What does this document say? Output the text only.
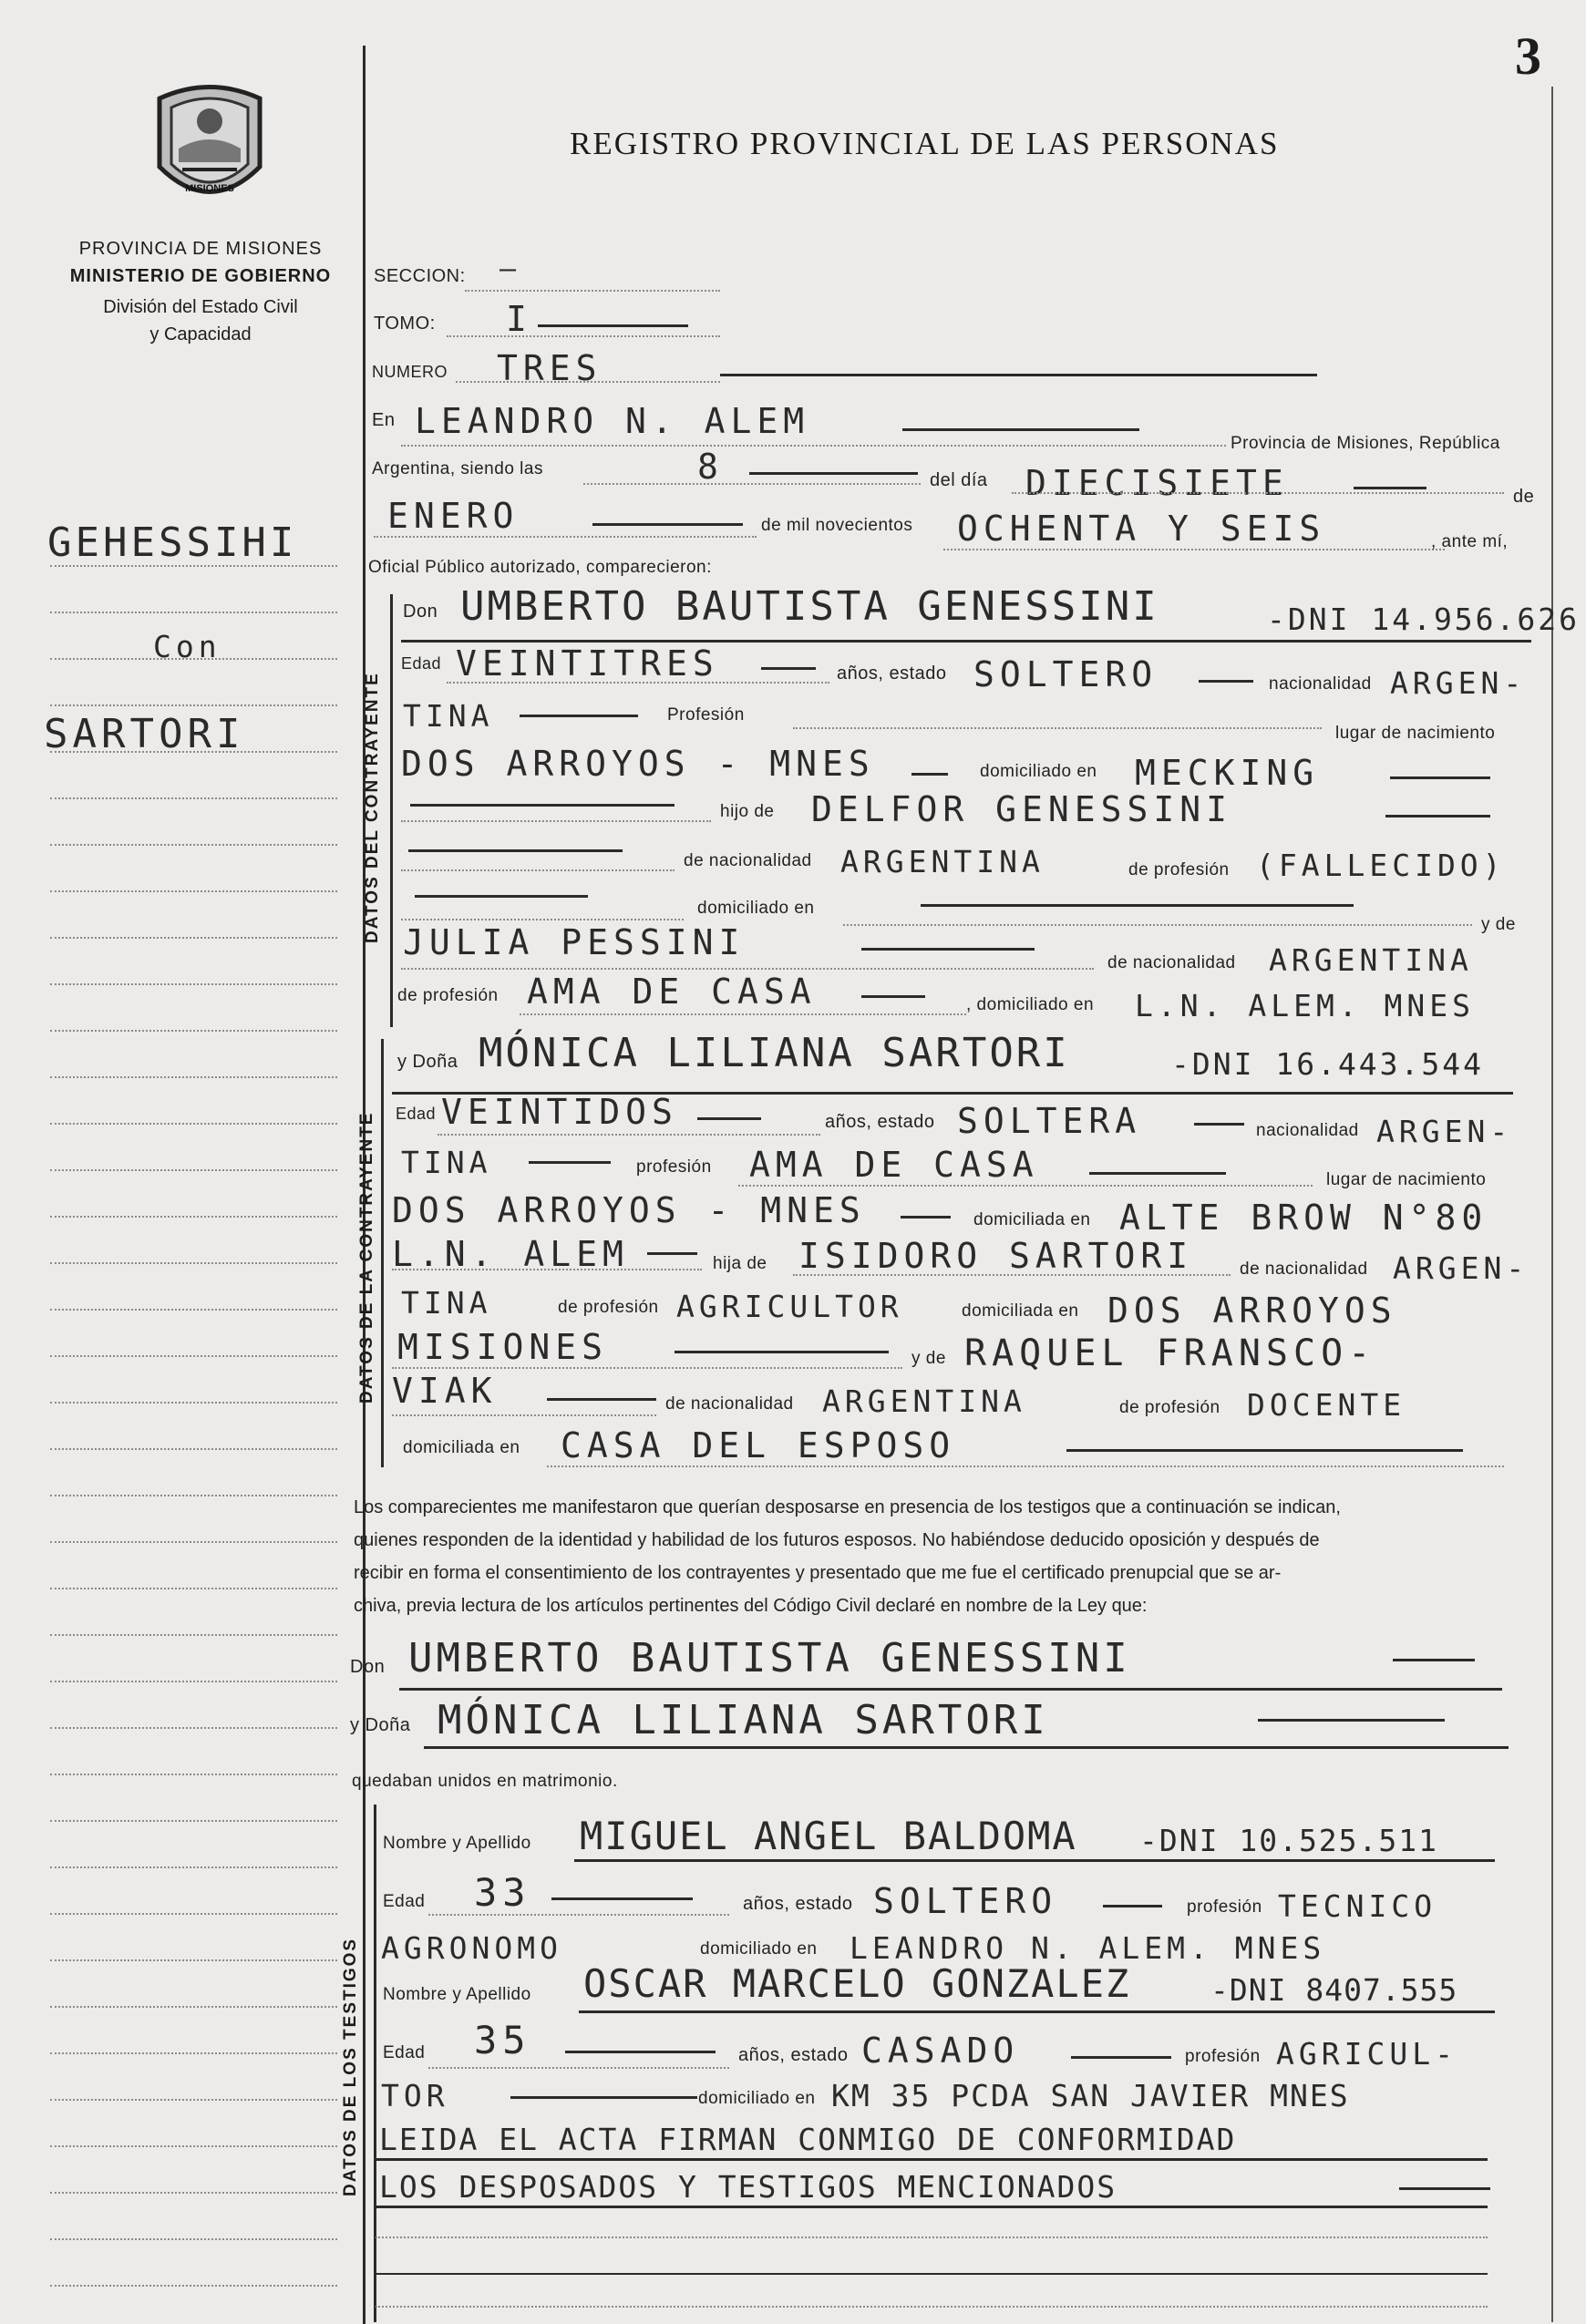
3
MISIONES
PROVINCIA DE MISIONES
MINISTERIO DE GOBIERNO
División del Estado Civil
y Capacidad
REGISTRO PROVINCIAL DE LAS PERSONAS
GEHESSIHI
Con
SARTORI
SECCION: —
TOMO: I
NUMERO TRES
En LEANDRO N. ALEM
Provincia de Misiones, República
Argentina, siendo las	8	del día DIECISIETE	de
ENERO	de mil novecientos OCHENTA Y SEIS	, ante mí,
Oficial Público autorizado, comparecieron:
DATOS DEL CONTRAYENTE
Don UMBERTO BAUTISTA GENESSINI	-DNI 14.956.626
Edad VEINTITRES	años, estado SOLTERO	nacionalidad ARGEN-
TINA	Profesión
lugar de nacimiento
DOS ARROYOS - MNES	domiciliado en MECKING
hijo de DELFOR GENESSINI
de nacionalidad ARGENTINA	de profesión (FALLECIDO)
domiciliado en
y de
JULIA PESSINI
de nacionalidad ARGENTINA
de profesión AMA DE CASA	, domiciliado en L.N. ALEM. MNES
DATOS DE LA CONTRAYENTE
y Doña MÓNICA LILIANA SARTORI	-DNI 16.443.544
Edad VEINTIDOS	años, estado SOLTERA	nacionalidad ARGEN-
TINA	profesión AMA DE CASA	lugar de nacimiento
DOS ARROYOS - MNES	domiciliada en ALTE BROW N°80
L.N. ALEM	hija de ISIDORO SARTORI	de nacionalidad ARGEN-
TINA	de profesión AGRICULTOR	domiciliada en DOS ARROYOS
MISIONES	y de RAQUEL FRANSCO-
VIAK	de nacionalidad ARGENTINA	de profesión DOCENTE
domiciliada en CASA DEL ESPOSO
Los comparecientes me manifestaron que querían desposarse en presencia de los testigos que a continuación se indican,
quienes responden de la identidad y habilidad de los futuros esposos. No habiéndose deducido oposición y después de
recibir en forma el consentimiento de los contrayentes y presentado que me fue el certificado prenupcial que se ar-
chiva, previa lectura de los artículos pertinentes del Código Civil declaré en nombre de la Ley que:
Don UMBERTO BAUTISTA GENESSINI
y Doña MÓNICA LILIANA SARTORI
quedaban unidos en matrimonio.
DATOS DE LOS TESTIGOS
Nombre y Apellido MIGUEL ANGEL BALDOMA -DNI 10.525.511
Edad 33	años, estado SOLTERO	profesión TECNICO
AGRONOMO	domiciliado en LEANDRO N. ALEM. MNES
Nombre y Apellido OSCAR MARCELO GONZALEZ	-DNI 8407.555
Edad 35	años, estado CASADO	profesión AGRICUL-
TOR	domiciliado en KM 35 PCDA SAN JAVIER MNES
LEIDA EL ACTA FIRMAN CONMIGO DE CONFORMIDAD
LOS DESPOSADOS Y TESTIGOS MENCIONADOS
